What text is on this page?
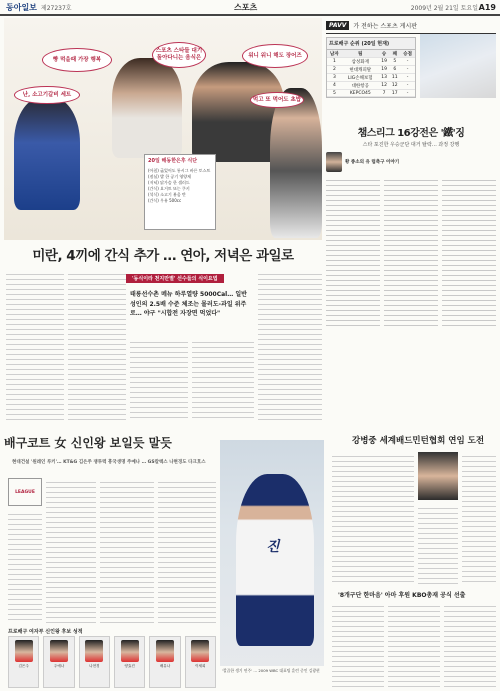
동아일보 제27237호	스포츠	2009년 2월 21일 토요일 A19
빵 먹을때 가장 행복
스포츠 스타들 대기 돌아다니는 음식은	워니 워니 해도 장어즈
난, 소고기갈비 세트
먹고 또 먹어도 초밥
20일 해동한은후 식단
(아침) 굶었어도 통시그 바른 토스트
(점심) 밥 한 공기 영양제
(저녁) 닭가슴 한 샐러드
(간식) 요거트 또는 쿠키
(석식) 소고기 볶음 반
(간식) 우유 500cc
PAVV	가 전하는 스포츠 게시판
프로배구 순위 (20일 현재)
남자	팀	승	패	승점
1	삼성화재	19	5	-
2	현대캐피탈	19	6	-
3	LIG손해보험	13	11	-
4	대한항공	12	12	-
5	KEPCO45	7	17	-
챔스리그 16강전은 '鐵'징
스타 포진한 우승군단 대거 탈락… 과정 강행
황 종소의 유 럽축구 이야기
미란, 4끼에 간식 추가 … 연아, 저녁은 과일로
'동식이라 천지만별' 선수들의 식이요법
태릉선수촌 메뉴 하루열량 5000Cal… 일반성인의 2.5배 수준 체조는 몰러도-과일 위주로… 야구 "시합전 자장면 먹었다"
배구코트 女 신인왕 보일듯 말듯
현대건설 '원레인 루키'… KT&G 김은주 쟁투력 흥국생명 주예나 … GS칼텍스 나현경도 다크호스
LEAGUE
프로배구 여자부 신인왕 후보 성적
김은주	주예나	나현경	양효진	배유나	이세희
진
'깔끔한 생기 연주' … 2009 WBC 대표팀 훈련 중인 김광현
강병중 세계배드민턴협회 연임 도전
'8개구단 한마음' 아마 후원 KBO총재 공식 선출
